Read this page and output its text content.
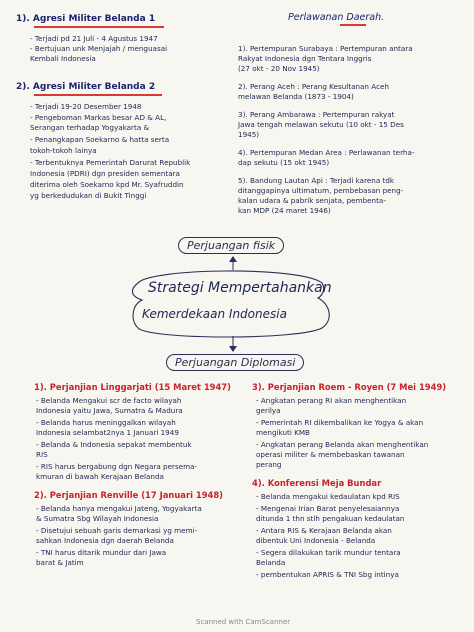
1). Agresi Militer Belanda 1
- Terjadi pd 21 Juli - 4 Agustus 1947
- Bertujuan unk Menjajah / menguasai
Kembali Indonesia
2). Agresi Militer Belanda 2
- Terjadi 19-20 Desember 1948
- Pengeboman Markas besar AD & AL,
Serangan terhadap Yogyakarta &
- Penangkapan Soekarno & hatta serta
tokoh-tokoh lainya
- Terbentuknya Pemerintah Darurat Republik
Indonesia (PDRI) dgn presiden sementara
diterima oleh Soekarno kpd Mr. Syafruddin
yg berkedudukan di Bukit Tinggi
Perlawanan Daerah.
1). Pertempuran Surabaya : Pertempuran antara
Rakyat Indonesia dgn Tentara Inggris
(27 okt - 20 Nov 1945)
2). Perang Aceh : Perang Kesultanan Aceh
melawan Belanda (1873 - 1904)
3). Perang Ambarawa : Pertempuran rakyat
Jawa tengah melawan sekutu (10 okt - 15 Des
1945)
4). Pertempuran Medan Area : Perlawanan terha-
dap sekutu (15 okt 1945)
5). Bandung Lautan Api : Terjadi karena tdk
ditanggapinya ultimatum, pembebasan peng-
kalan udara & pabrik senjata, pembenta-
kan MDP (24 maret 1946)
Perjuangan fisik
Strategi Mempertahankan
Kemerdekaan Indonesia
Perjuangan Diplomasi
1). Perjanjian Linggarjati (15 Maret 1947)
- Belanda Mengakui scr de facto wilayah
Indonesia yaitu Jawa, Sumatra & Madura
- Belanda harus meninggalkan wilayah
Indonesia selambat2nya 1 Januari 1949
- Belanda & Indonesia sepakat membentuk
RIS
- RIS harus bergabung dgn Negara persema-
kmuran di bawah Kerajaan Belanda
2). Perjanjian Renville (17 Januari 1948)
- Belanda hanya mengakui Jateng, Yogyakarta
& Sumatra Sbg Wilayah Indonesia
- Disetujui sebuah garis demarkasi yg memi-
sahkan Indonesia dgn daerah Belanda
- TNI harus ditarik mundur dari Jawa
barat & Jatim
3). Perjanjian Roem - Royen (7 Mei 1949)
- Angkatan perang RI akan menghentikan
gerilya
- Pemerintah RI dikembalikan ke Yogya & akan
mengikuti KMB
- Angkatan perang Belanda akan menghentikan
operasi militer & membebaskan tawanan
perang
4). Konferensi Meja Bundar
- Belanda mengakui kedaulatan kpd RIS
- Mengenai Irian Barat penyelesaiannya
ditunda 1 thn stlh pengakuan kedaulatan
- Antara RIS & Kerajaan Belanda akan
dibentuk Uni Indonesia - Belanda
- Segera dilakukan tarik mundur tentara
Belanda
- pembentukan APRIS & TNI Sbg intinya
Scanned with CamScanner
